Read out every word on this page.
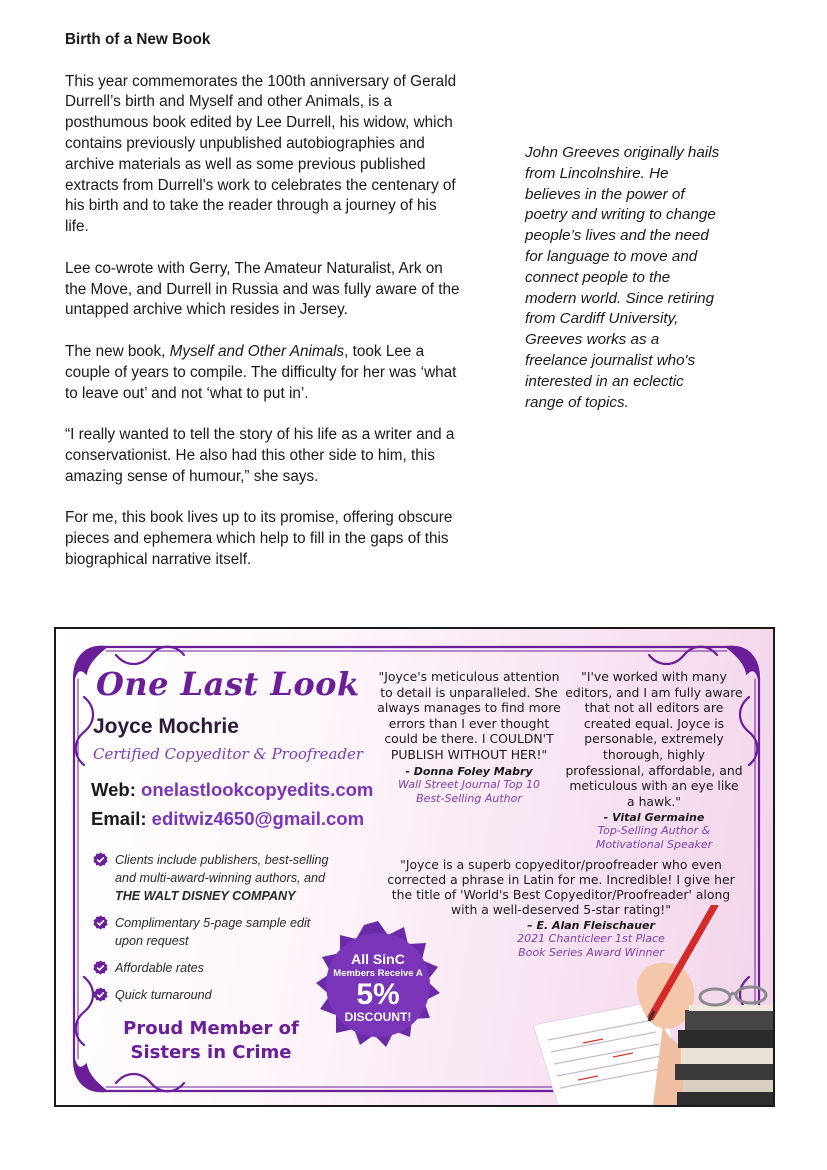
Birth of a New Book

This year commemorates the 100th anniversary of Gerald Durrell’s birth and Myself and other Animals, is a posthumous book edited by Lee Durrell, his widow, which contains previously unpublished autobiographies and archive materials as well as some previous published extracts from Durrell's work to celebrates the centenary of his birth and to take the reader through a journey of his life.

Lee co-wrote with Gerry, The Amateur Naturalist, Ark on the Move, and Durrell in Russia and was fully aware of the untapped archive which resides in Jersey.

The new book, Myself and Other Animals, took Lee a couple of years to compile. The difficulty for her was ‘what to leave out’ and not ‘what to put in’.

“I really wanted to tell the story of his life as a writer and a conservationist. He also had this other side to him, this amazing sense of humour,” she says.

For me, this book lives up to its promise, offering obscure pieces and ephemera which help to fill in the gaps of this biographical narrative itself.

John Greeves originally hails from Lincolnshire. He believes in the power of poetry and writing to change people’s lives and the need for language to move and connect people to the modern world. Since retiring from Cardiff University, Greeves works as a freelance journalist who's interested in an eclectic range of topics.
One Last Look
Joyce Mochrie
Certified Copyeditor & Proofreader
Web: onelastlookcopyedits.com
Email: editwiz4650@gmail.com
Clients include publishers, best-selling
and multi-award-winning authors, and
THE WALT DISNEY COMPANY
Complimentary 5-page sample edit
upon request
Affordable rates
Quick turnaround
Proud Member of
Sisters in Crime
All SinC
Members Receive A
5%
DISCOUNT!
"Joyce's meticulous attention to detail is unparalleled. She always manages to find more errors than I ever thought could be there. I COULDN'T PUBLISH WITHOUT HER!"
- Donna Foley Mabry
Wall Street Journal Top 10
Best-Selling Author
"I've worked with many editors, and I am fully aware that not all editors are created equal. Joyce is personable, extremely thorough, highly professional, affordable, and meticulous with an eye like a hawk."
- Vital Germaine
Top-Selling Author &
Motivational Speaker
"Joyce is a superb copyeditor/proofreader who even corrected a phrase in Latin for me. Incredible! I give her the title of 'World's Best Copyeditor/Proofreader' along with a well-deserved 5-star rating!"
– E. Alan Fleischauer
2021 Chanticleer 1st Place
Book Series Award Winner
